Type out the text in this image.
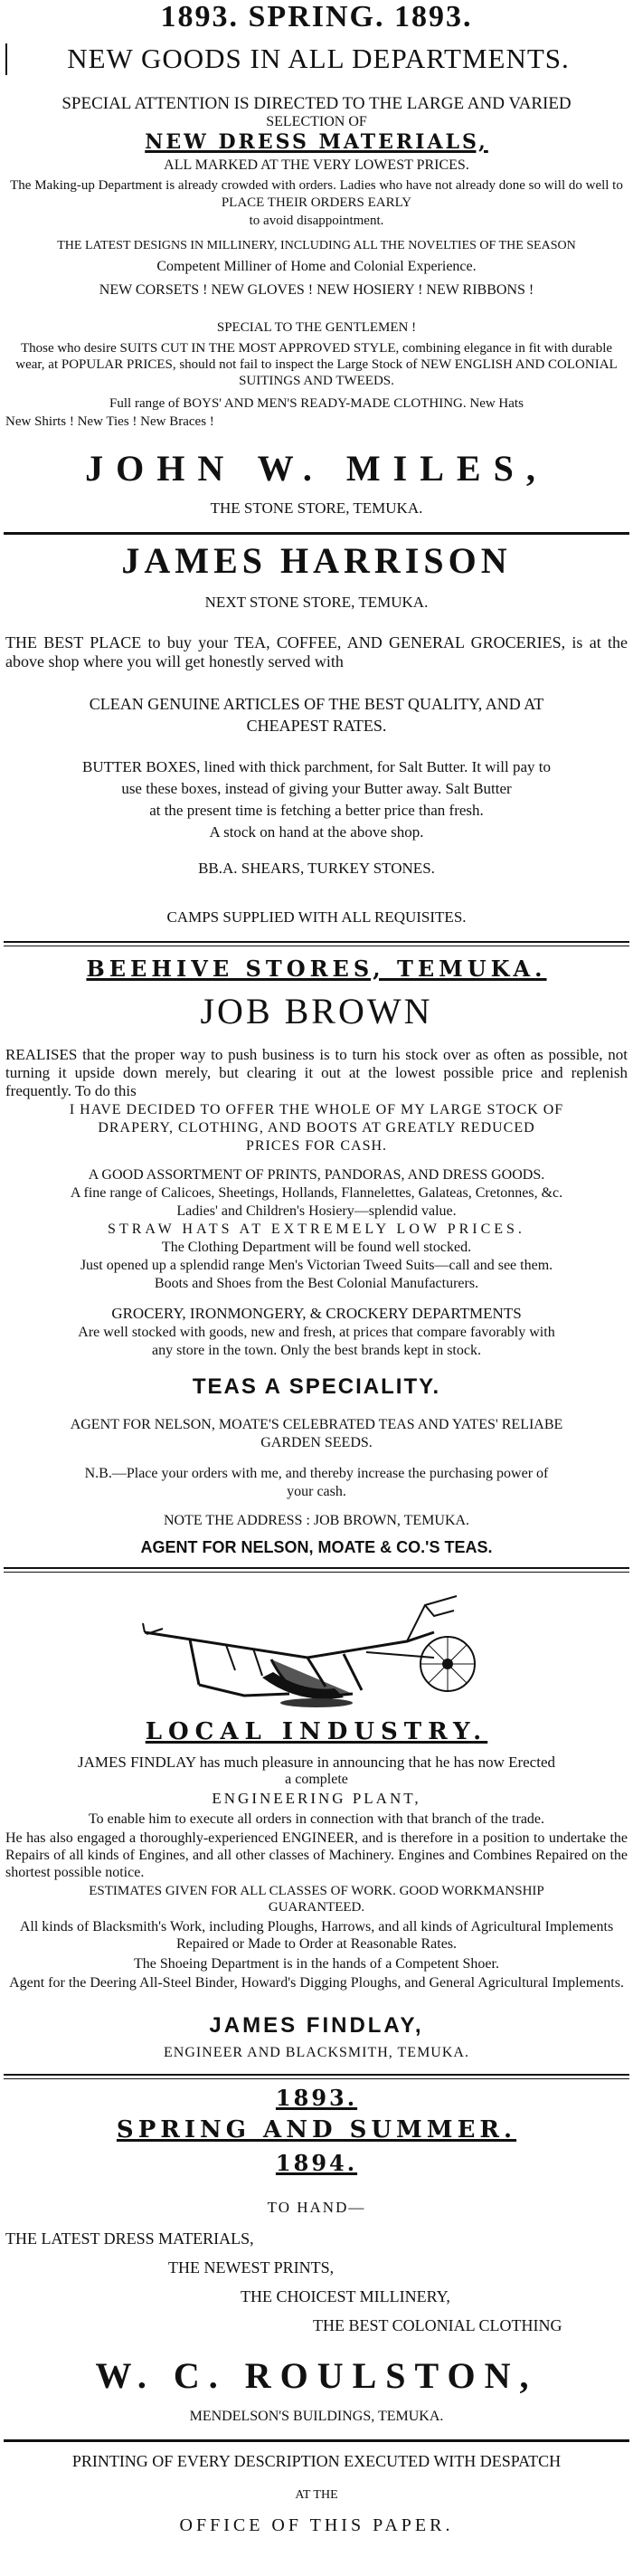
1893. SPRING. 1893.
NEW GOODS IN ALL DEPARTMENTS.
SPECIAL ATTENTION IS DIRECTED TO THE LARGE AND VARIED
SELECTION OF
NEW DRESS MATERIALS,
ALL MARKED AT THE VERY LOWEST PRICES.
The Making-up Department is already crowded with orders. Ladies who have not already done so will do well to PLACE THEIR ORDERS EARLY
to avoid disappointment.
THE LATEST DESIGNS IN MILLINERY, INCLUDING ALL THE NOVELTIES OF THE SEASON
Competent Milliner of Home and Colonial Experience.
NEW CORSETS ! NEW GLOVES ! NEW HOSIERY ! NEW RIBBONS !
SPECIAL TO THE GENTLEMEN !
Those who desire SUITS CUT IN THE MOST APPROVED STYLE, combining elegance in fit with durable wear, at POPULAR PRICES, should not fail to inspect the Large Stock of NEW ENGLISH AND COLONIAL SUITINGS AND TWEEDS.
Full range of BOYS' AND MEN'S READY-MADE CLOTHING. New Hats
New Shirts ! New Ties ! New Braces !
JOHN W. MILES,
THE STONE STORE, TEMUKA.
JAMES HARRISON
NEXT STONE STORE, TEMUKA.
THE BEST PLACE to buy your TEA, COFFEE, AND GENERAL GROCERIES, is at the above shop where you will get honestly served with
CLEAN GENUINE ARTICLES OF THE BEST QUALITY, AND AT
CHEAPEST RATES.
BUTTER BOXES, lined with thick parchment, for Salt Butter. It will pay to
use these boxes, instead of giving your Butter away. Salt Butter
at the present time is fetching a better price than fresh.
A stock on hand at the above shop.
BB.A. SHEARS, TURKEY STONES.
CAMPS SUPPLIED WITH ALL REQUISITES.
BEEHIVE STORES, TEMUKA.
JOB BROWN
REALISES that the proper way to push business is to turn his stock over as often as possible, not turning it upside down merely, but clearing it out at the lowest possible price and replenish frequently. To do this
I HAVE DECIDED TO OFFER THE WHOLE OF MY LARGE STOCK OF
DRAPERY, CLOTHING, AND BOOTS AT GREATLY REDUCED
PRICES FOR CASH.
A GOOD ASSORTMENT OF PRINTS, PANDORAS, AND DRESS GOODS.
A fine range of Calicoes, Sheetings, Hollands, Flannelettes, Galateas, Cretonnes, &c.
Ladies' and Children's Hosiery—splendid value.
STRAW HATS AT EXTREMELY LOW PRICES.
The Clothing Department will be found well stocked.
Just opened up a splendid range Men's Victorian Tweed Suits—call and see them.
Boots and Shoes from the Best Colonial Manufacturers.
GROCERY, IRONMONGERY, & CROCKERY DEPARTMENTS
Are well stocked with goods, new and fresh, at prices that compare favorably with
any store in the town. Only the best brands kept in stock.
TEAS A SPECIALITY.
AGENT FOR NELSON, MOATE'S CELEBRATED TEAS AND YATES' RELIABE
GARDEN SEEDS.
N.B.—Place your orders with me, and thereby increase the purchasing power of
your cash.
NOTE THE ADDRESS : JOB BROWN, TEMUKA.
AGENT FOR NELSON, MOATE & CO.'S TEAS.
LOCAL INDUSTRY.
JAMES FINDLAY has much pleasure in announcing that he has now Erected
a complete
ENGINEERING PLANT,
To enable him to execute all orders in connection with that branch of the trade.
He has also engaged a thoroughly-experienced ENGINEER, and is therefore in a position to undertake the Repairs of all kinds of Engines, and all other classes of Machinery. Engines and Combines Repaired on the shortest possible notice.
ESTIMATES GIVEN FOR ALL CLASSES OF WORK. GOOD WORKMANSHIP
GUARANTEED.
All kinds of Blacksmith's Work, including Ploughs, Harrows, and all kinds of Agricultural Implements Repaired or Made to Order at Reasonable Rates.
The Shoeing Department is in the hands of a Competent Shoer.
Agent for the Deering All-Steel Binder, Howard's Digging Ploughs, and General Agricultural Implements.
JAMES FINDLAY,
ENGINEER AND BLACKSMITH, TEMUKA.
1893.
SPRING AND SUMMER.
1894.
TO HAND—
THE LATEST DRESS MATERIALS,
THE NEWEST PRINTS,
THE CHOICEST MILLINERY,
THE BEST COLONIAL CLOTHING
W. C. ROULSTON,
MENDELSON'S BUILDINGS, TEMUKA.
PRINTING OF EVERY DESCRIPTION EXECUTED WITH DESPATCH
AT THE
OFFICE OF THIS PAPER.
